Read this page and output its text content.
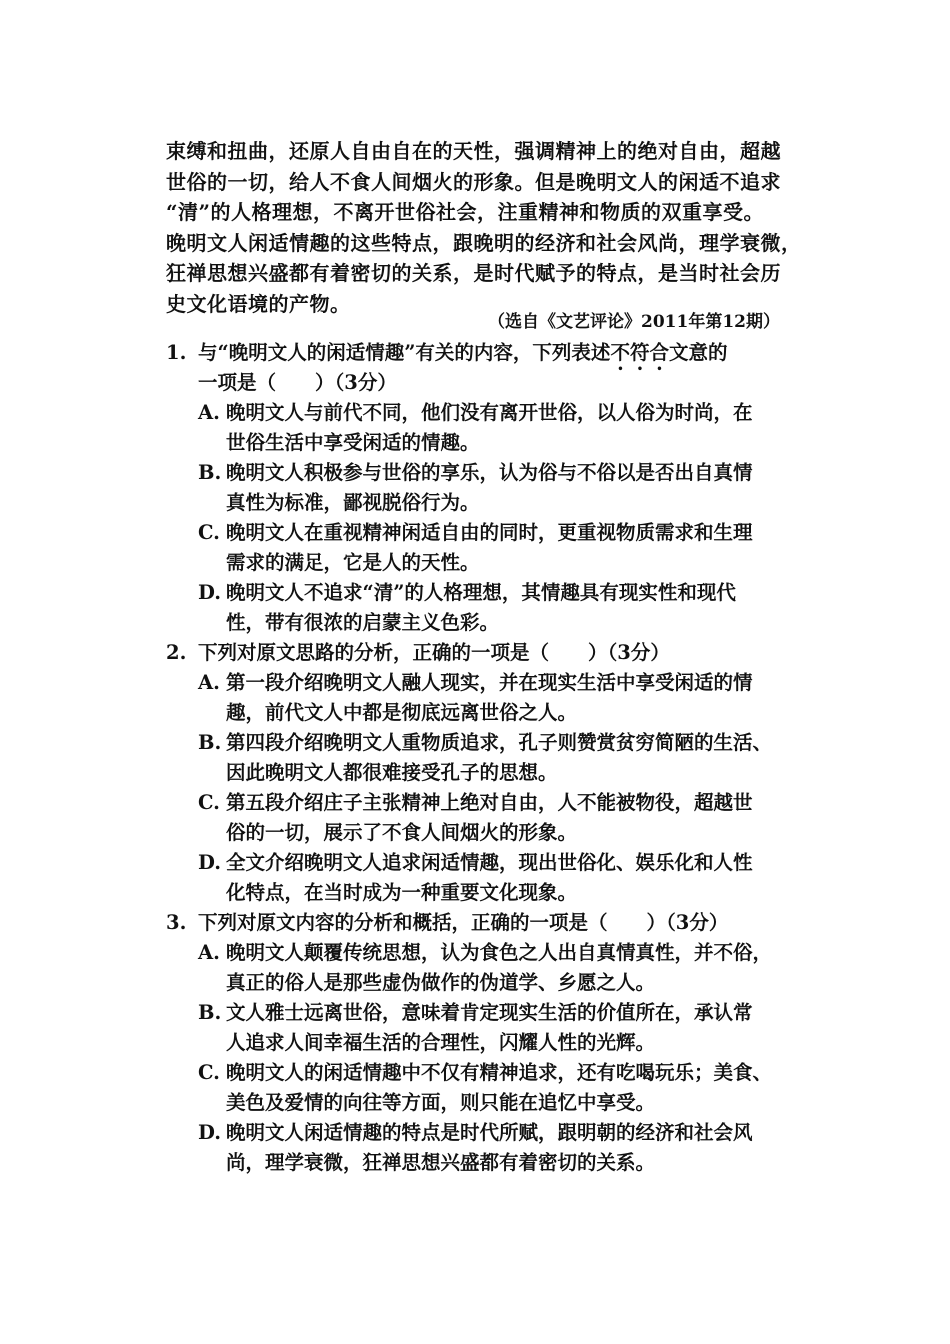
束缚和扭曲，还原人自由自在的天性，强调精神上的绝对自由，超越
世俗的一切，给人不食人间烟火的形象。但是晚明文人的闲适不追求
“清”的人格理想，不离开世俗社会，注重精神和物质的双重享受。
晚明文人闲适情趣的这些特点，跟晚明的经济和社会风尚，理学衰微，
狂禅思想兴盛都有着密切的关系，是时代赋予的特点，是当时社会历
史文化语境的产物。
（选自《文艺评论》2011年第12期）
1. 与“晚明文人的闲适情趣”有关的内容，下列表述不符合文意的
一项是（　　）（3分）
A. 晚明文人与前代不同，他们没有离开世俗，以人俗为时尚，在
世俗生活中享受闲适的情趣。
B. 晚明文人积极参与世俗的享乐，认为俗与不俗以是否出自真情
真性为标准，鄙视脱俗行为。
C. 晚明文人在重视精神闲适自由的同时，更重视物质需求和生理
需求的满足，它是人的天性。
D. 晚明文人不追求“清”的人格理想，其情趣具有现实性和现代
性，带有很浓的启蒙主义色彩。
2. 下列对原文思路的分析，正确的一项是（　　）（3分）
A. 第一段介绍晚明文人融人现实，并在现实生活中享受闲适的情
趣，前代文人中都是彻底远离世俗之人。
B. 第四段介绍晚明文人重物质追求，孔子则赞赏贫穷简陋的生活、
因此晚明文人都很难接受孔子的思想。
C. 第五段介绍庄子主张精神上绝对自由，人不能被物役，超越世
俗的一切，展示了不食人间烟火的形象。
D. 全文介绍晚明文人追求闲适情趣，现出世俗化、娱乐化和人性
化特点，在当时成为一种重要文化现象。
3. 下列对原文内容的分析和概括，正确的一项是（　　）（3分）
A. 晚明文人颠覆传统思想，认为食色之人出自真情真性，并不俗，
真正的俗人是那些虚伪做作的伪道学、乡愿之人。
B. 文人雅士远离世俗，意味着肯定现实生活的价值所在，承认常
人追求人间幸福生活的合理性，闪耀人性的光辉。
C. 晚明文人的闲适情趣中不仅有精神追求，还有吃喝玩乐；美食、
美色及爱情的向往等方面，则只能在追忆中享受。
D. 晚明文人闲适情趣的特点是时代所赋，跟明朝的经济和社会风
尚，理学衰微，狂禅思想兴盛都有着密切的关系。
